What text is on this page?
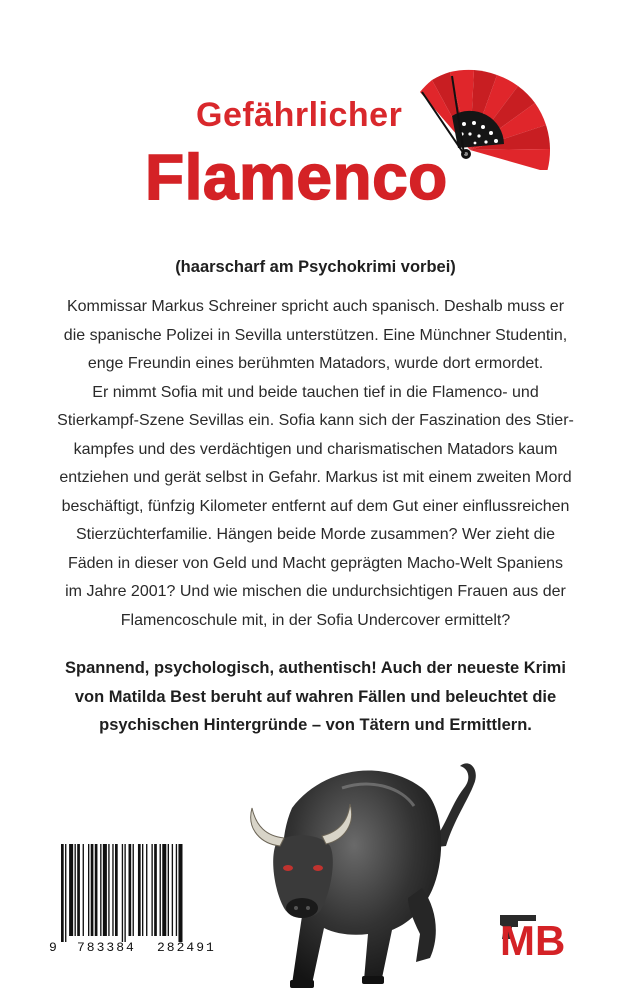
Gefährlicher
Flamenco
(haarscharf am Psychokrimi vorbei)
Kommissar Markus Schreiner spricht auch spanisch. Deshalb muss er
die spanische Polizei in Sevilla unterstützen. Eine Münchner Studentin,
enge Freundin eines berühmten Matadors, wurde dort ermordet.
Er nimmt Sofia mit und beide tauchen tief in die Flamenco- und
Stierkampf-Szene Sevillas ein. Sofia kann sich der Faszination des Stier-
kampfes und des verdächtigen und charismatischen Matadors kaum
entziehen und gerät selbst in Gefahr. Markus ist mit einem zweiten Mord
beschäftigt, fünfzig Kilometer entfernt auf dem Gut einer einflussreichen
Stierzüchterfamilie. Hängen beide Morde zusammen? Wer zieht die
Fäden in dieser von Geld und Macht geprägten Macho-Welt Spaniens
im Jahre 2001? Und wie mischen die undurchsichtigen Frauen aus der
Flamencoschule mit, in der Sofia Undercover ermittelt?
Spannend, psychologisch, authentisch! Auch der neueste Krimi
von Matilda Best beruht auf wahren Fällen und beleuchtet die
psychischen Hintergründe – von Tätern und Ermittlern.
9 783384 282491	MB
